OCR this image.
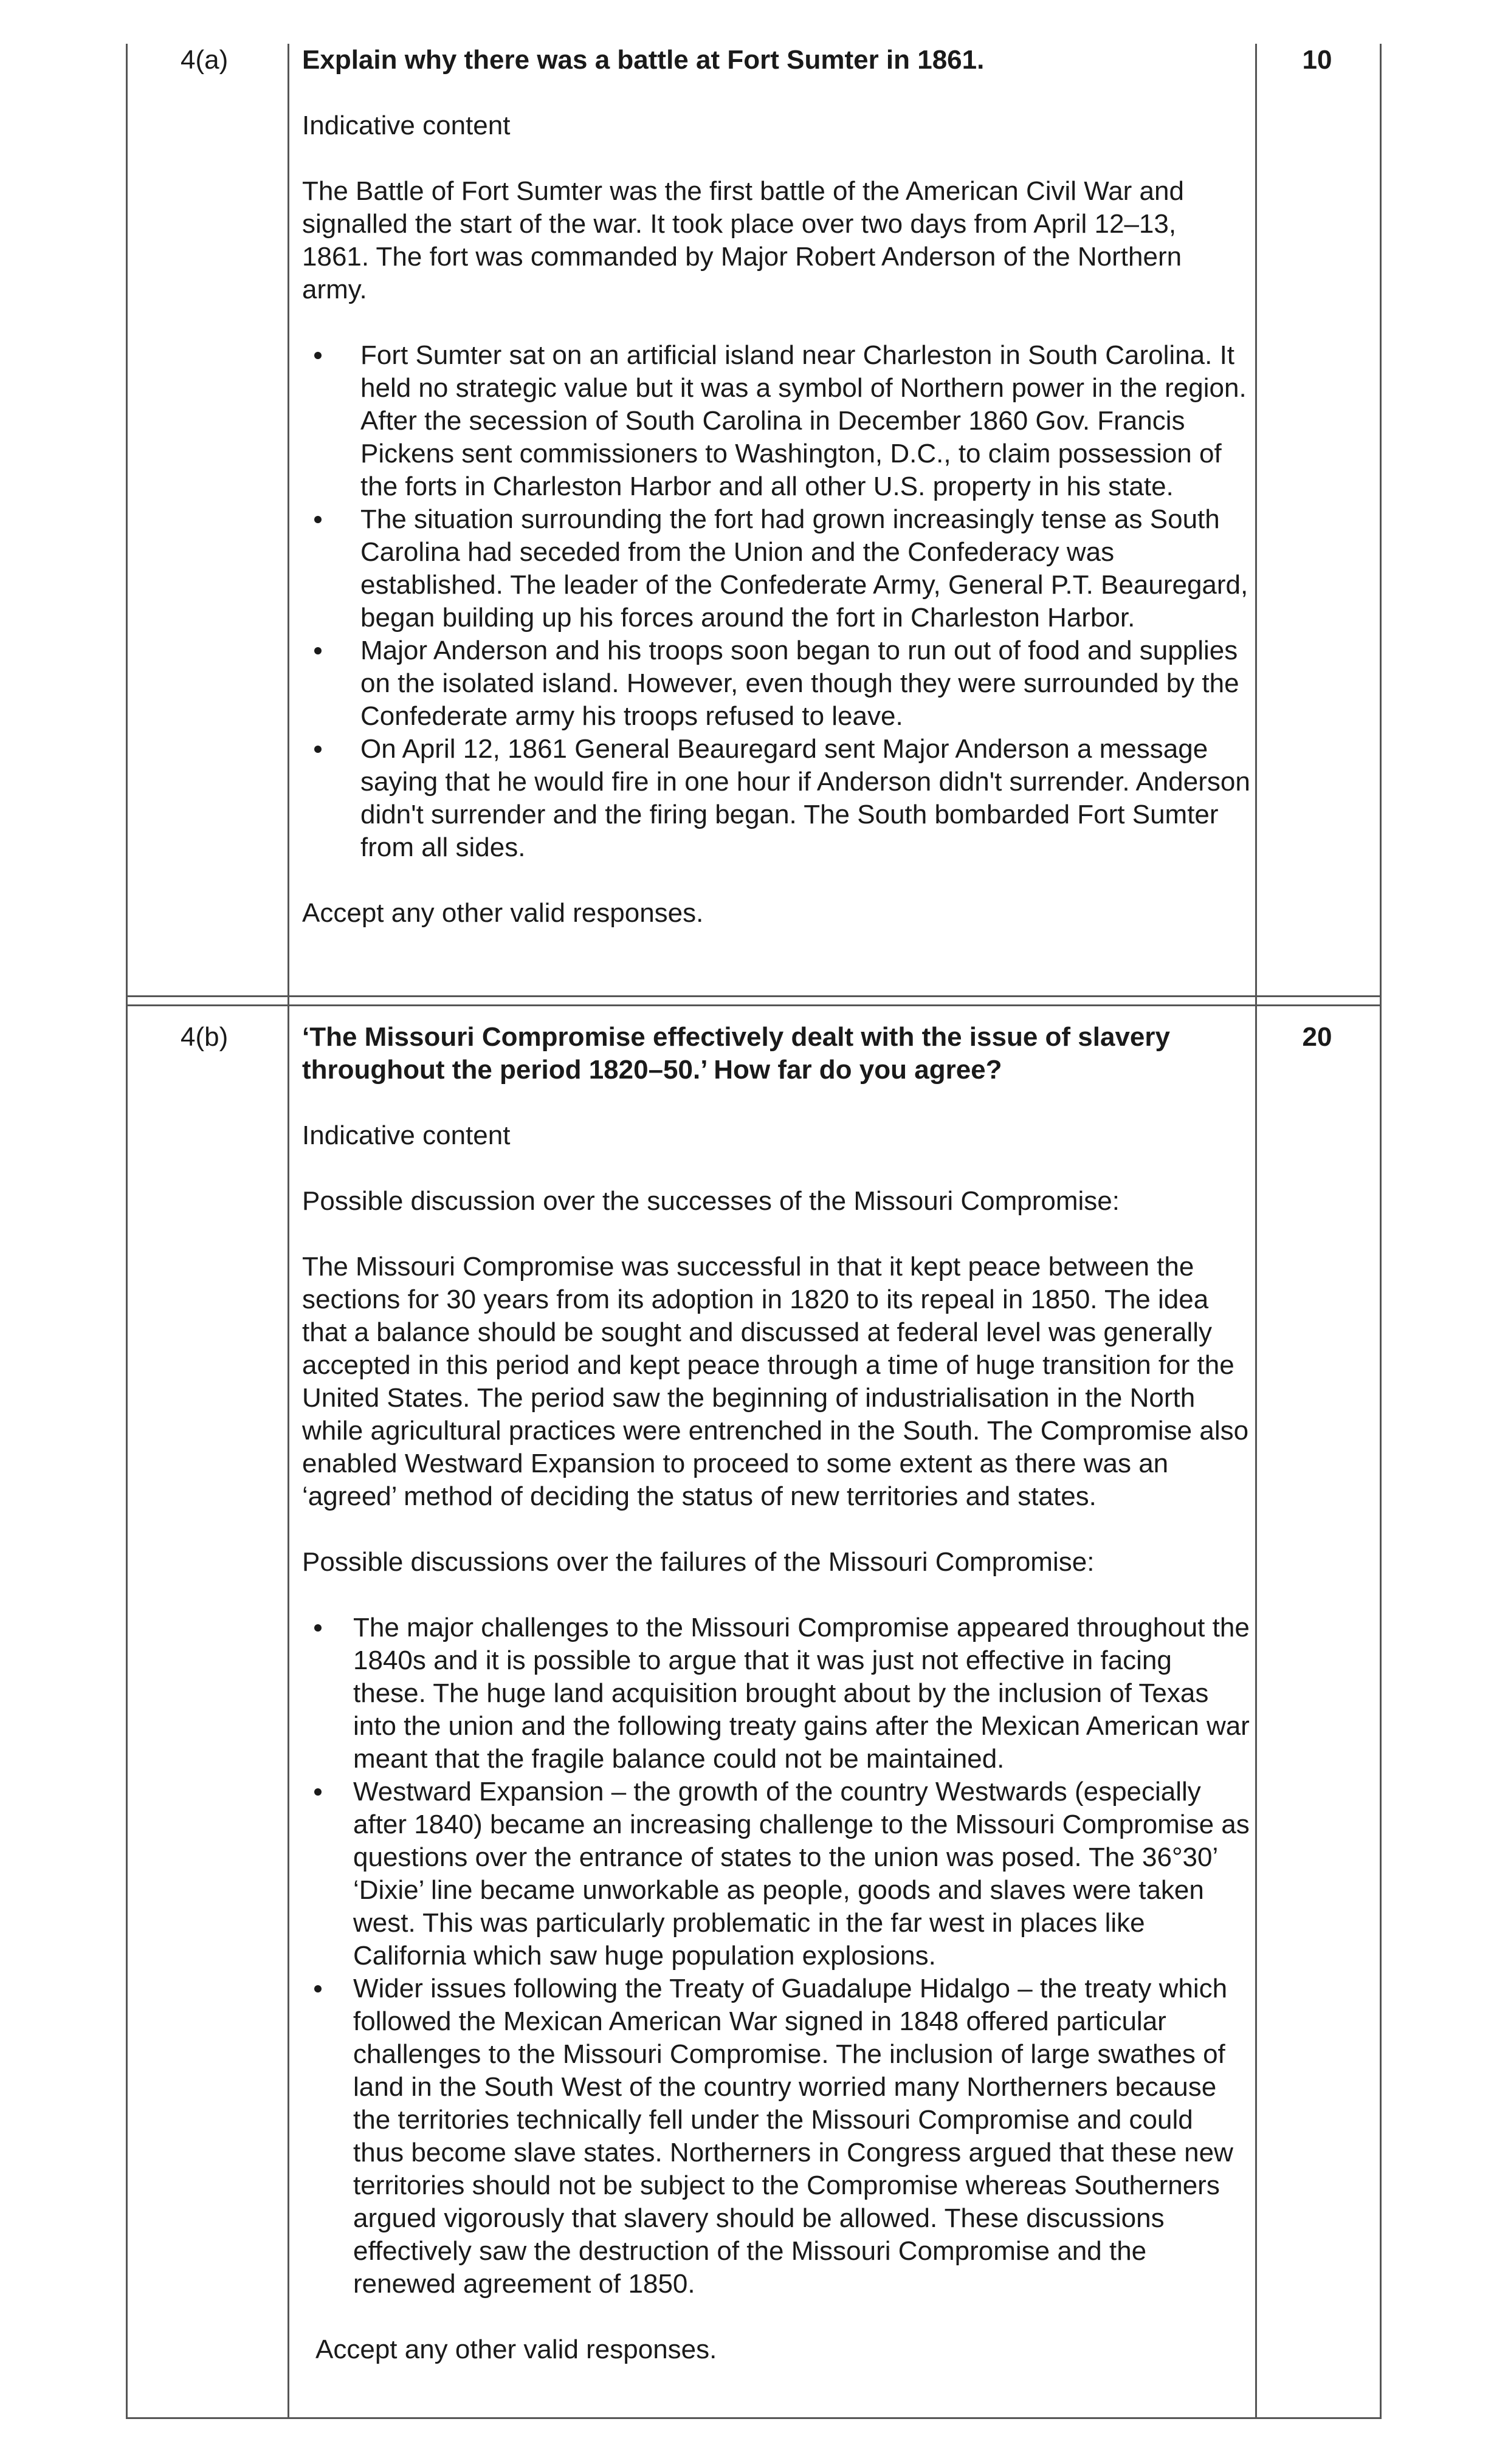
4(a)	10

Explain why there was a battle at Fort Sumter in 1861.

Indicative content

The Battle of Fort Sumter was the first battle of the American Civil War and signalled the start of the war. It took place over two days from April 12–13, 1861. The fort was commanded by Major Robert Anderson of the Northern army.

Fort Sumter sat on an artificial island near Charleston in South Carolina. It held no strategic value but it was a symbol of Northern power in the region. After the secession of South Carolina in December 1860 Gov. Francis Pickens sent commissioners to Washington, D.C., to claim possession of the forts in Charleston Harbor and all other U.S. property in his state.
The situation surrounding the fort had grown increasingly tense as South Carolina had seceded from the Union and the Confederacy was established. The leader of the Confederate Army, General P.T. Beauregard, began building up his forces around the fort in Charleston Harbor.
Major Anderson and his troops soon began to run out of food and supplies on the isolated island. However, even though they were surrounded by the Confederate army his troops refused to leave.
On April 12, 1861 General Beauregard sent Major Anderson a message saying that he would fire in one hour if Anderson didn't surrender. Anderson didn't surrender and the firing began. The South bombarded Fort Sumter from all sides.

Accept any other valid responses.

4(b)	20

‘The Missouri Compromise effectively dealt with the issue of slavery throughout the period 1820–50.’ How far do you agree?

Indicative content

Possible discussion over the successes of the Missouri Compromise:

The Missouri Compromise was successful in that it kept peace between the sections for 30 years from its adoption in 1820 to its repeal in 1850. The idea that a balance should be sought and discussed at federal level was generally accepted in this period and kept peace through a time of huge transition for the United States. The period saw the beginning of industrialisation in the North while agricultural practices were entrenched in the South. The Compromise also enabled Westward Expansion to proceed to some extent as there was an ‘agreed’ method of deciding the status of new territories and states.

Possible discussions over the failures of the Missouri Compromise:

The major challenges to the Missouri Compromise appeared throughout the 1840s and it is possible to argue that it was just not effective in facing these. The huge land acquisition brought about by the inclusion of Texas into the union and the following treaty gains after the Mexican American war meant that the fragile balance could not be maintained.
Westward Expansion – the growth of the country Westwards (especially after 1840) became an increasing challenge to the Missouri Compromise as questions over the entrance of states to the union was posed. The 36°30’ ‘Dixie’ line became unworkable as people, goods and slaves were taken west. This was particularly problematic in the far west in places like California which saw huge population explosions.
Wider issues following the Treaty of Guadalupe Hidalgo – the treaty which followed the Mexican American War signed in 1848 offered particular challenges to the Missouri Compromise. The inclusion of large swathes of land in the South West of the country worried many Northerners because the territories technically fell under the Missouri Compromise and could thus become slave states. Northerners in Congress argued that these new territories should not be subject to the Compromise whereas Southerners argued vigorously that slavery should be allowed. These discussions effectively saw the destruction of the Missouri Compromise and the renewed agreement of 1850.

Accept any other valid responses.
